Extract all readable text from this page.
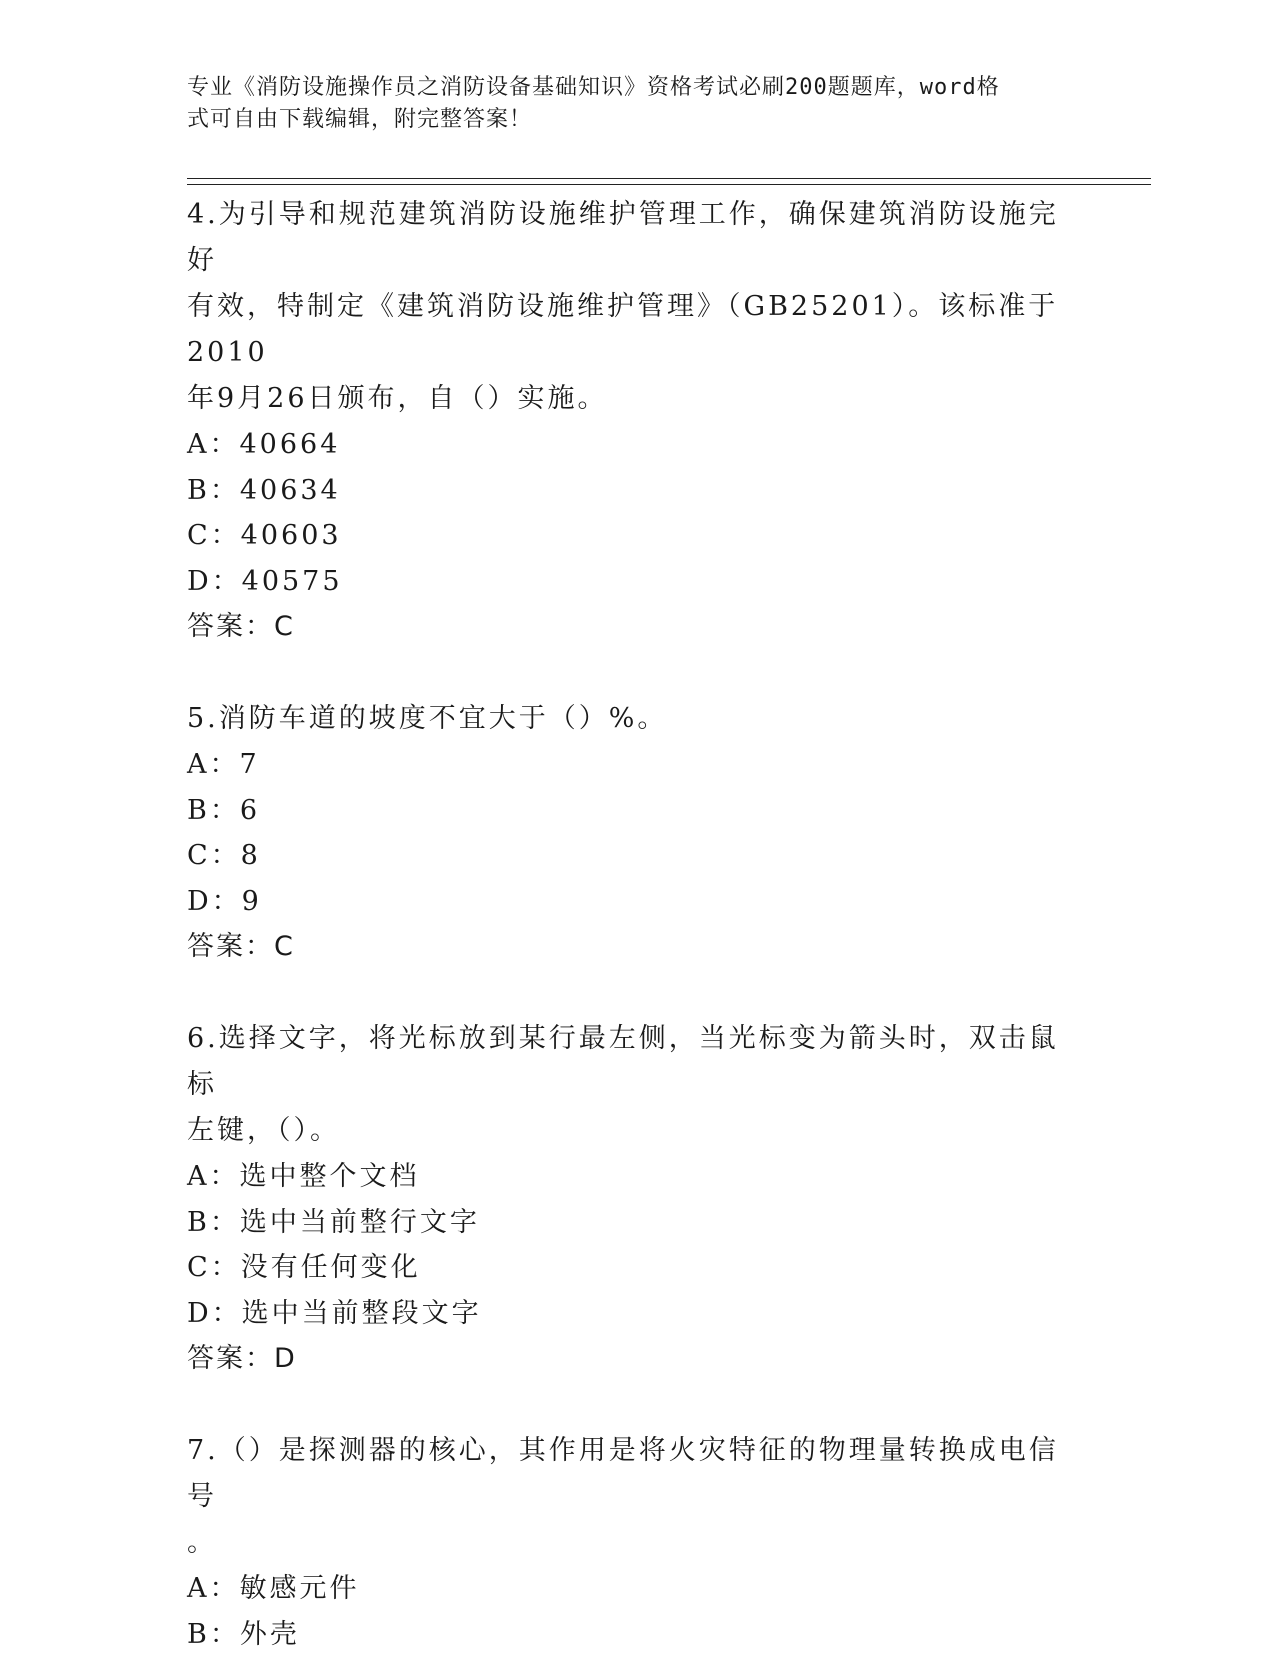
专业《消防设施操作员之消防设备基础知识》资格考试必刷200题题库，word格
式可自由下载编辑，附完整答案！
4.为引导和规范建筑消防设施维护管理工作，确保建筑消防设施完好
有效，特制定《建筑消防设施维护管理》（GB25201）。该标准于2010
年9月26日颁布，自（）实施。
A：40664
B：40634
C：40603
D：40575
答案：C
5.消防车道的坡度不宜大于（）%。
A：7
B：6
C：8
D：9
答案：C
6.选择文字，将光标放到某行最左侧，当光标变为箭头时，双击鼠标
左键，（）。
A：选中整个文档
B：选中当前整行文字
C：没有任何变化
D：选中当前整段文字
答案：D
7.（）是探测器的核心，其作用是将火灾特征的物理量转换成电信号
。
A：敏感元件
B：外壳
